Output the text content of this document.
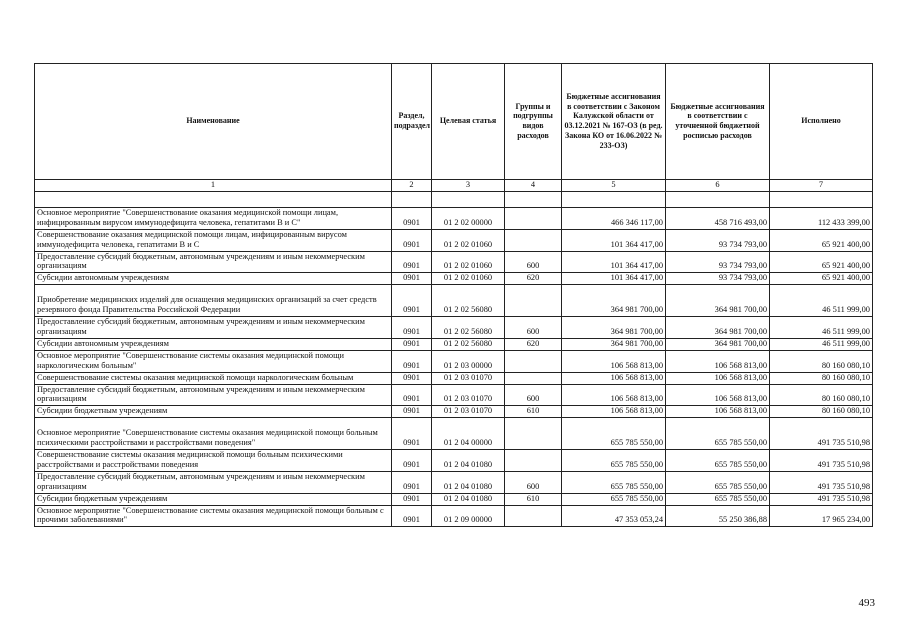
Наименование	Раздел, подраздел	Целевая статья	Группы и подгруппы видов расходов	Бюджетные ассигнования в соответствии с Законом Калужской области от 03.12.2021 № 167-ОЗ (в ред. Закона КО от 16.06.2022 № 233-ОЗ)	Бюджетные ассигнования в соответствии с уточненной бюджетной росписью расходов	Исполнено
1	2	3	4	5	6	7

Основное мероприятие "Совершенствование оказания медицинской помощи лицам, инфицированным вирусом иммунодефицита человека, гепатитами В и С"	0901	01 2 02 00000		466 346 117,00	458 716 493,00	112 433 399,00
Совершенствование оказания медицинской помощи лицам, инфицированным вирусом иммунодефицита человека, гепатитами В и С	0901	01 2 02 01060		101 364 417,00	93 734 793,00	65 921 400,00
Предоставление субсидий бюджетным, автономным учреждениям и иным некоммерческим организациям	0901	01 2 02 01060	600	101 364 417,00	93 734 793,00	65 921 400,00
Субсидии автономным учреждениям	0901	01 2 02 01060	620	101 364 417,00	93 734 793,00	65 921 400,00
Приобретение медицинских изделий для оснащения медицинских организаций за счет средств резервного фонда Правительства Российской Федерации	0901	01 2 02 56080		364 981 700,00	364 981 700,00	46 511 999,00
Предоставление субсидий бюджетным, автономным учреждениям и иным некоммерческим организациям	0901	01 2 02 56080	600	364 981 700,00	364 981 700,00	46 511 999,00
Субсидии автономным учреждениям	0901	01 2 02 56080	620	364 981 700,00	364 981 700,00	46 511 999,00
Основное мероприятие "Совершенствование системы оказания медицинской помощи наркологическим больным"	0901	01 2 03 00000		106 568 813,00	106 568 813,00	80 160 080,10
Совершенствование системы оказания медицинской помощи наркологическим больным	0901	01 2 03 01070		106 568 813,00	106 568 813,00	80 160 080,10
Предоставление субсидий бюджетным, автономным учреждениям и иным некоммерческим организациям	0901	01 2 03 01070	600	106 568 813,00	106 568 813,00	80 160 080,10
Субсидии бюджетным учреждениям	0901	01 2 03 01070	610	106 568 813,00	106 568 813,00	80 160 080,10
Основное мероприятие "Совершенствование системы оказания медицинской помощи больным психическими расстройствами и расстройствами поведения"	0901	01 2 04 00000		655 785 550,00	655 785 550,00	491 735 510,98
Совершенствование системы оказания медицинской помощи больным психическими расстройствами и расстройствами поведения	0901	01 2 04 01080		655 785 550,00	655 785 550,00	491 735 510,98
Предоставление субсидий бюджетным, автономным учреждениям и иным некоммерческим организациям	0901	01 2 04 01080	600	655 785 550,00	655 785 550,00	491 735 510,98
Субсидии бюджетным учреждениям	0901	01 2 04 01080	610	655 785 550,00	655 785 550,00	491 735 510,98
Основное мероприятие "Совершенствование системы оказания медицинской помощи больным с прочими заболеваниями"	0901	01 2 09 00000		47 353 053,24	55 250 386,88	17 965 234,00
493
